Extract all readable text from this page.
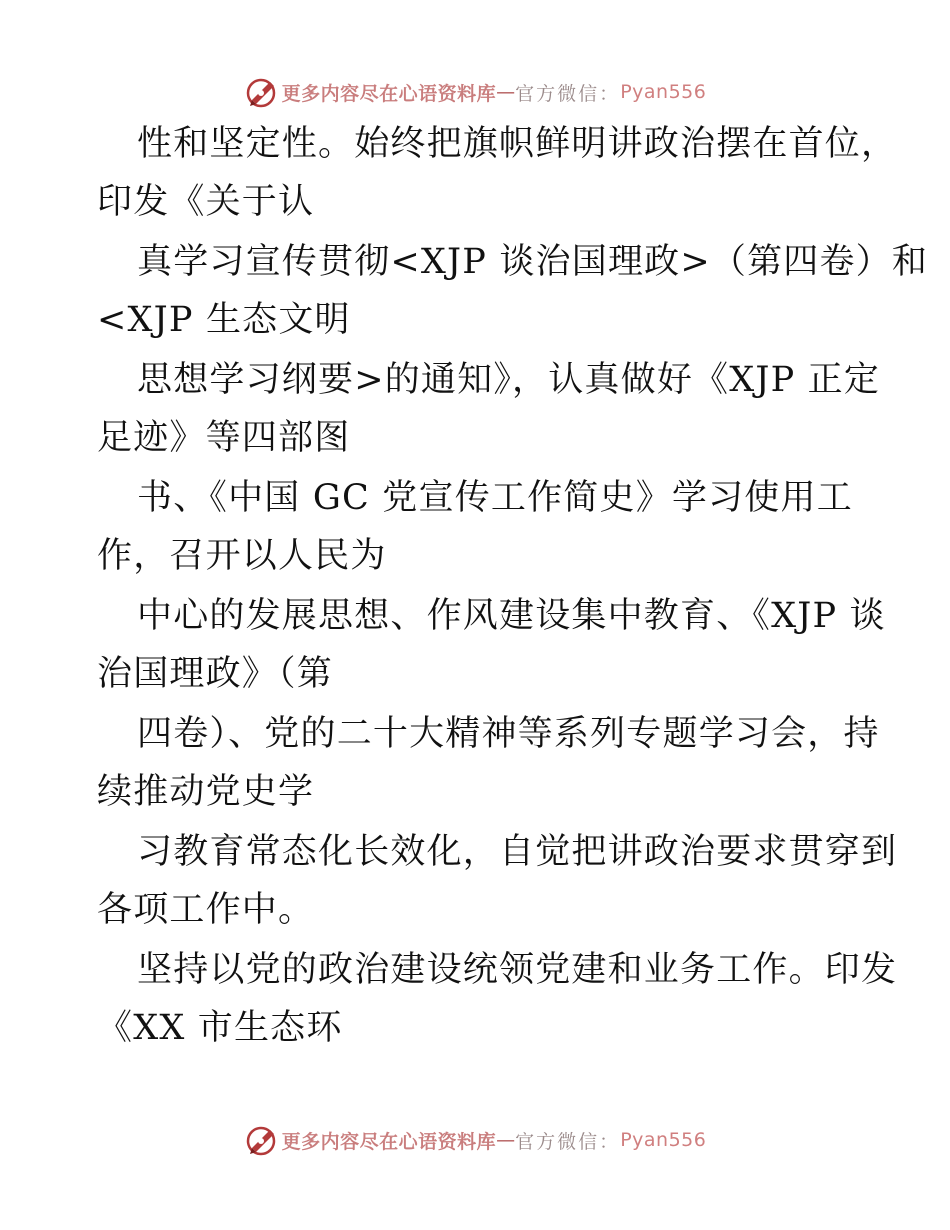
更多内容尽在心语资料库 — 官方微信： Pyan556
性和坚定性。始终把旗帜鲜明讲政治摆在首位，
印发《关于认
真学习宣传贯彻<XJP 谈治国理政>（第四卷）和
<XJP 生态文明
思想学习纲要>的通知》，认真做好《XJP 正定
足迹》等四部图
书、《中国 GC 党宣传工作简史》学习使用工
作，召开以人民为
中心的发展思想、作风建设集中教育、《XJP 谈
治国理政》（第
四卷）、党的二十大精神等系列专题学习会，持
续推动党史学
习教育常态化长效化，自觉把讲政治要求贯穿到
各项工作中。
坚持以党的政治建设统领党建和业务工作。印发
《XX 市生态环
更多内容尽在心语资料库 — 官方微信： Pyan556
